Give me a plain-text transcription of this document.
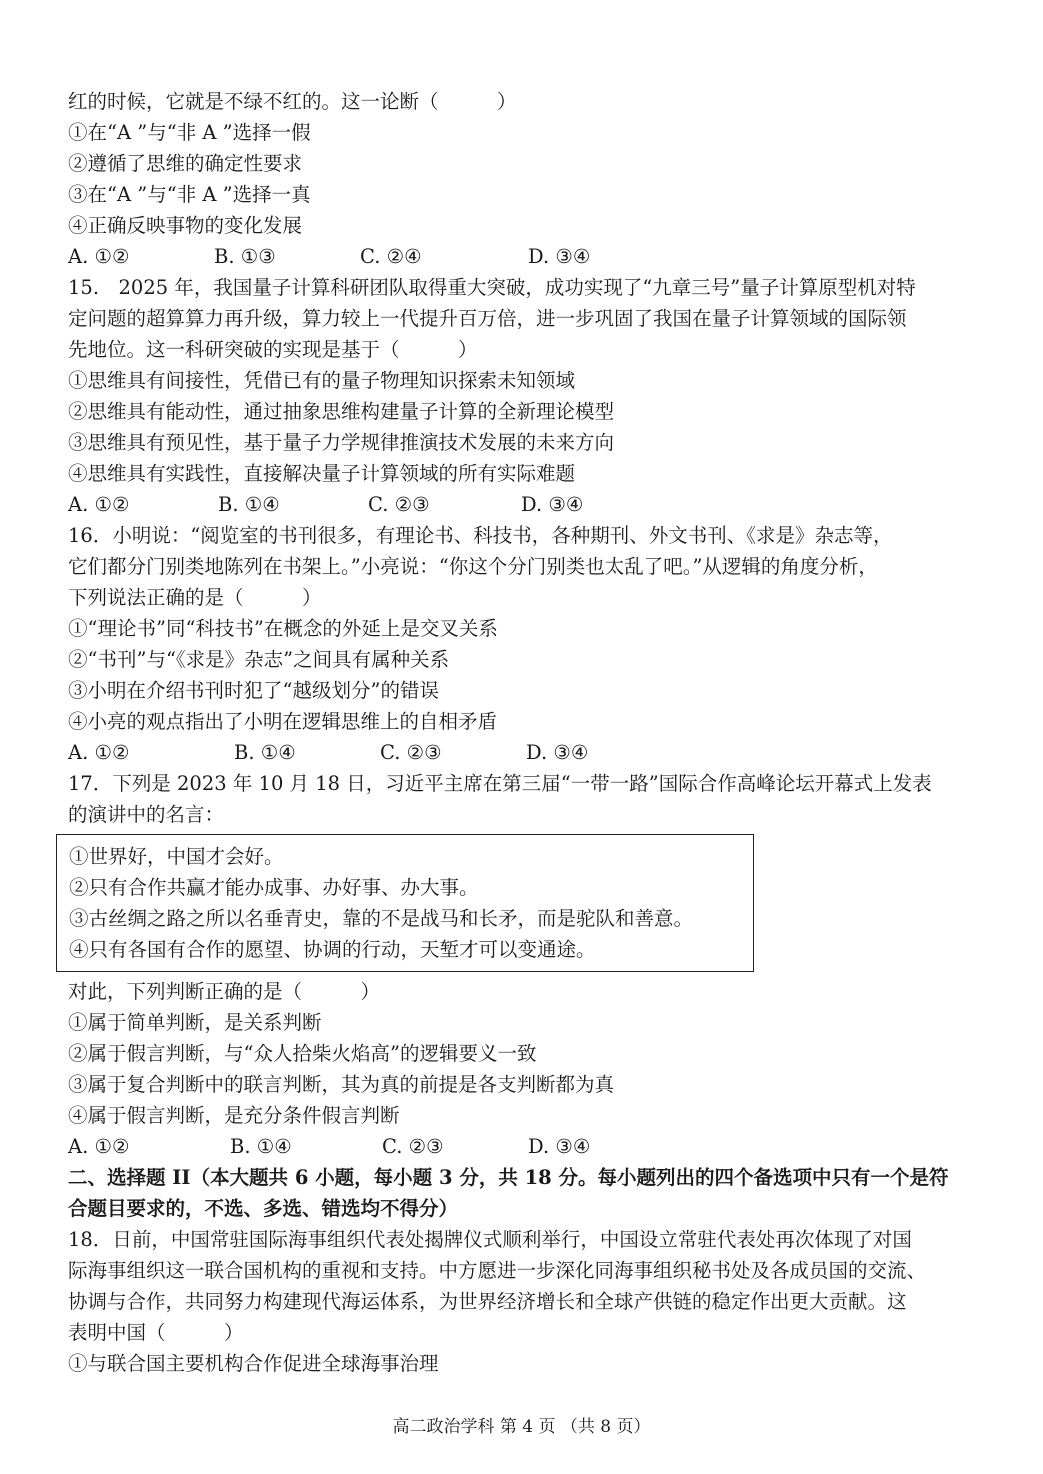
红的时候，它就是不绿不红的。这一论断（　　　）
①在“A ”与“非 A ”选择一假
②遵循了思维的确定性要求
③在“A ”与“非 A ”选择一真
④正确反映事物的变化发展
A. ①②	B. ①③	C. ②④	D. ③④
15.　2025 年，我国量子计算科研团队取得重大突破，成功实现了“九章三号”量子计算原型机对特
定问题的超算算力再升级，算力较上一代提升百万倍，进一步巩固了我国在量子计算领域的国际领
先地位。这一科研突破的实现是基于（　　　）
①思维具有间接性，凭借已有的量子物理知识探索未知领域
②思维具有能动性，通过抽象思维构建量子计算的全新理论模型
③思维具有预见性，基于量子力学规律推演技术发展的未来方向
④思维具有实践性，直接解决量子计算领域的所有实际难题
A. ①②	B. ①④	C. ②③	D. ③④
16．小明说：“阅览室的书刊很多，有理论书、科技书，各种期刊、外文书刊、《求是》杂志等，
它们都分门别类地陈列在书架上。”小亮说：“你这个分门别类也太乱了吧。”从逻辑的角度分析，
下列说法正确的是（　　　）
①“理论书”同“科技书”在概念的外延上是交叉关系
②“书刊”与“《求是》杂志”之间具有属种关系
③小明在介绍书刊时犯了“越级划分”的错误
④小亮的观点指出了小明在逻辑思维上的自相矛盾
A. ①②	B. ①④	C. ②③	D. ③④
17．下列是 2023 年 10 月 18 日，习近平主席在第三届“一带一路”国际合作高峰论坛开幕式上发表
的演讲中的名言：
①世界好，中国才会好。
②只有合作共赢才能办成事、办好事、办大事。
③古丝绸之路之所以名垂青史，靠的不是战马和长矛，而是驼队和善意。
④只有各国有合作的愿望、协调的行动，天堑才可以变通途。
对此，下列判断正确的是（　　　）
①属于简单判断，是关系判断
②属于假言判断，与“众人拾柴火焰高”的逻辑要义一致
③属于复合判断中的联言判断，其为真的前提是各支判断都为真
④属于假言判断，是充分条件假言判断
A. ①②	B. ①④	C. ②③	D. ③④
二、选择题 II（本大题共 6 小题，每小题 3 分，共 18 分。每小题列出的四个备选项中只有一个是符
合题目要求的，不选、多选、错选均不得分）
18．日前，中国常驻国际海事组织代表处揭牌仪式顺利举行，中国设立常驻代表处再次体现了对国
际海事组织这一联合国机构的重视和支持。中方愿进一步深化同海事组织秘书处及各成员国的交流、
协调与合作，共同努力构建现代海运体系，为世界经济增长和全球产供链的稳定作出更大贡献。这
表明中国（　　　）
①与联合国主要机构合作促进全球海事治理
高二政治学科 第 4 页 （共 8 页）
